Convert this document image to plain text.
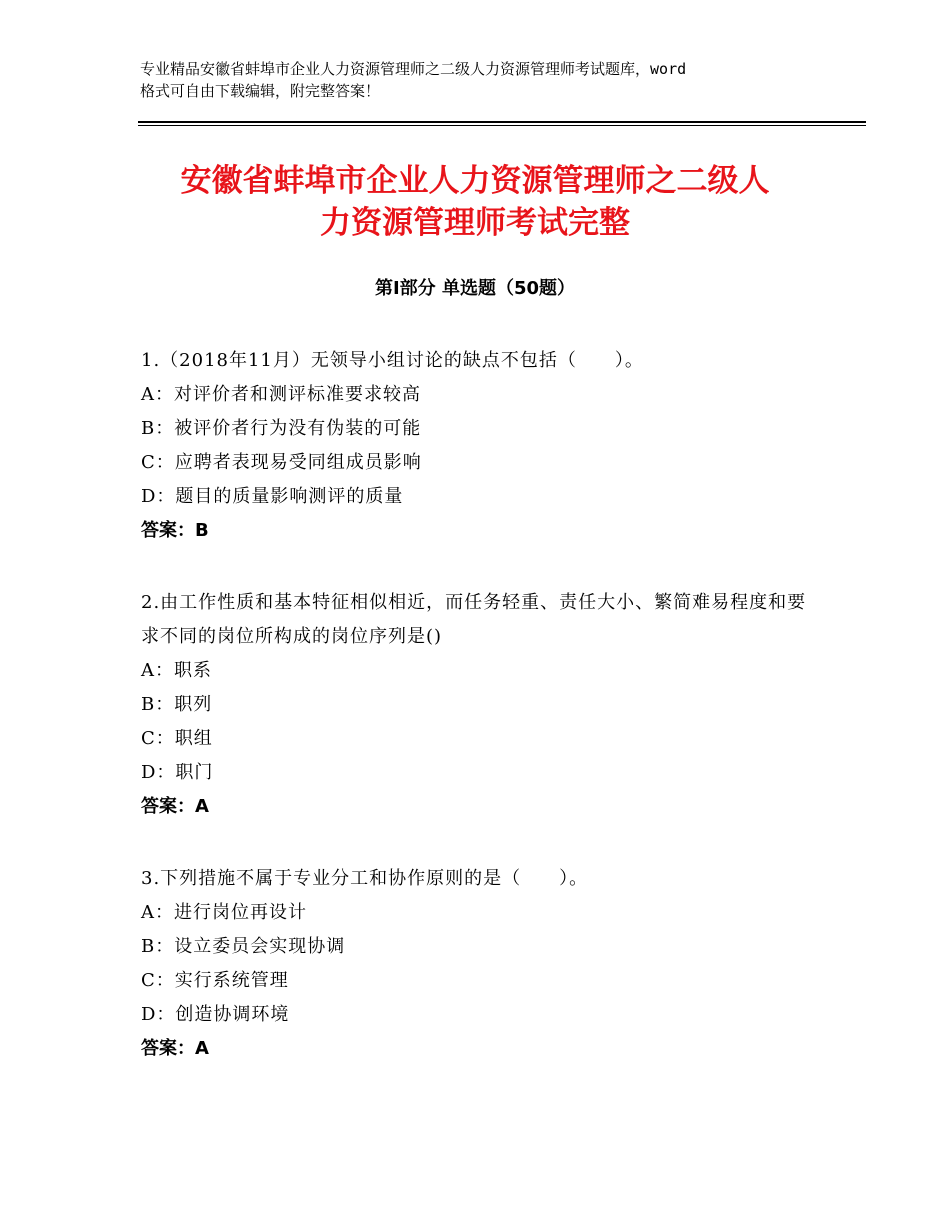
专业精品安徽省蚌埠市企业人力资源管理师之二级人力资源管理师考试题库，word
格式可自由下载编辑，附完整答案！
安徽省蚌埠市企业人力资源管理师之二级人
力资源管理师考试完整
第Ⅰ部分 单选题（50题）
1.（2018年11月）无领导小组讨论的缺点不包括（　　）。
A：对评价者和测评标准要求较高
B：被评价者行为没有伪装的可能
C：应聘者表现易受同组成员影响
D：题目的质量影响测评的质量
答案：B
2.由工作性质和基本特征相似相近，而任务轻重、责任大小、繁简难易程度和要求不同的岗位所构成的岗位序列是()
A：职系
B：职列
C：职组
D：职门
答案：A
3.下列措施不属于专业分工和协作原则的是（　　）。
A：进行岗位再设计
B：设立委员会实现协调
C：实行系统管理
D：创造协调环境
答案：A
